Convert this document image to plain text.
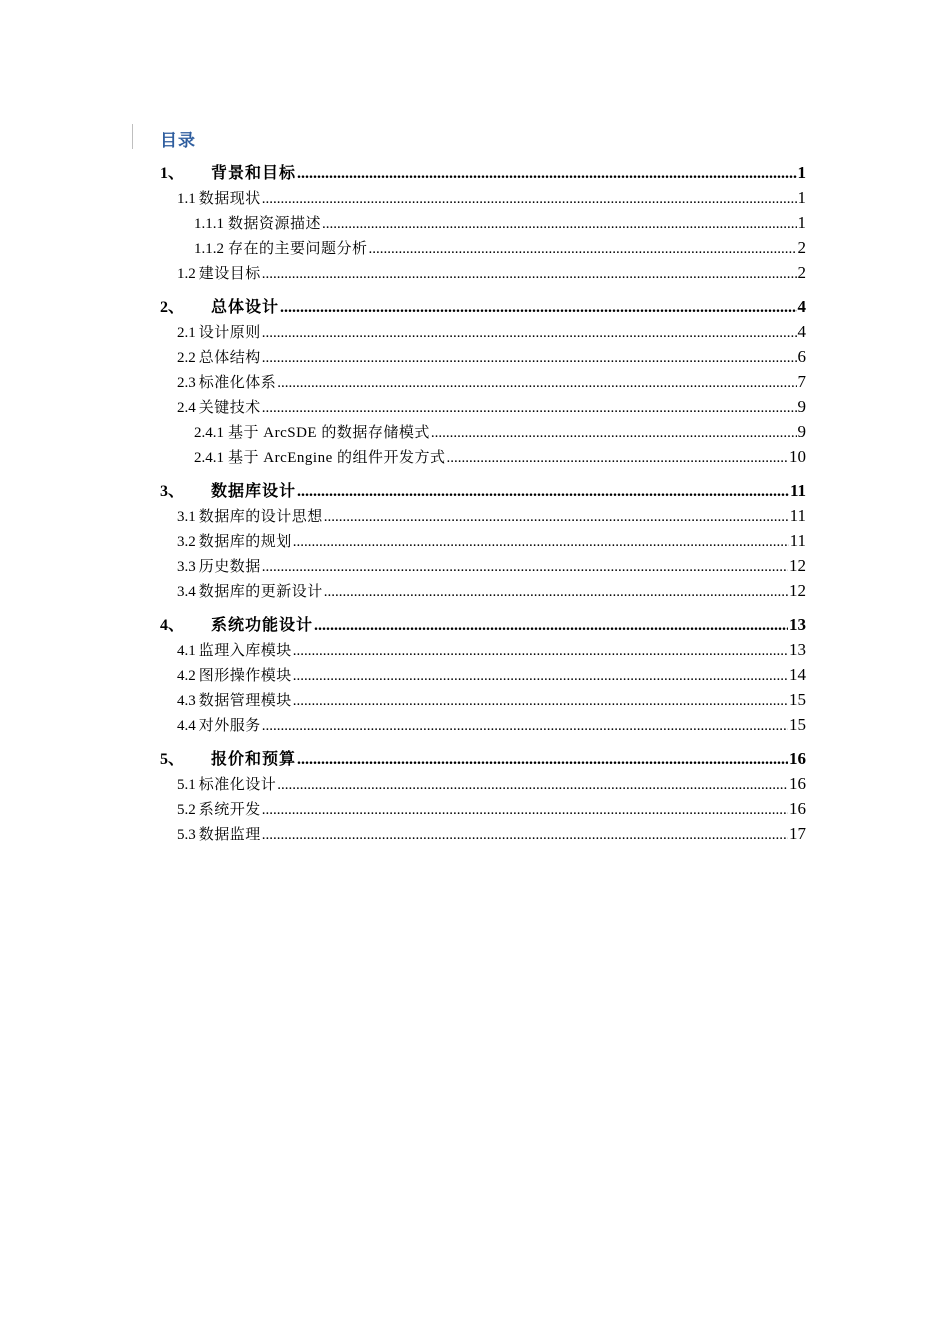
目录
1、	背景和目标 .....	1
1.1 数据现状 .....	1
1.1.1 数据资源描述 .....	1
1.1.2 存在的主要问题分析 .....	2
1.2 建设目标 .....	2
2、	总体设计 .....	4
2.1 设计原则 .....	4
2.2 总体结构 .....	6
2.3 标准化体系 .....	7
2.4 关键技术 .....	9
2.4.1 基于 ArcSDE 的数据存储模式 .....	9
2.4.1 基于 ArcEngine 的组件开发方式 .....	10
3、	数据库设计 .....	11
3.1 数据库的设计思想 .....	11
3.2 数据库的规划 .....	11
3.3 历史数据 .....	12
3.4 数据库的更新设计 .....	12
4、	系统功能设计 .....	13
4.1 监理入库模块 .....	13
4.2 图形操作模块 .....	14
4.3 数据管理模块 .....	15
4.4 对外服务 .....	15
5、	报价和预算 .....	16
5.1 标准化设计 .....	16
5.2 系统开发 .....	16
5.3 数据监理 .....	17
